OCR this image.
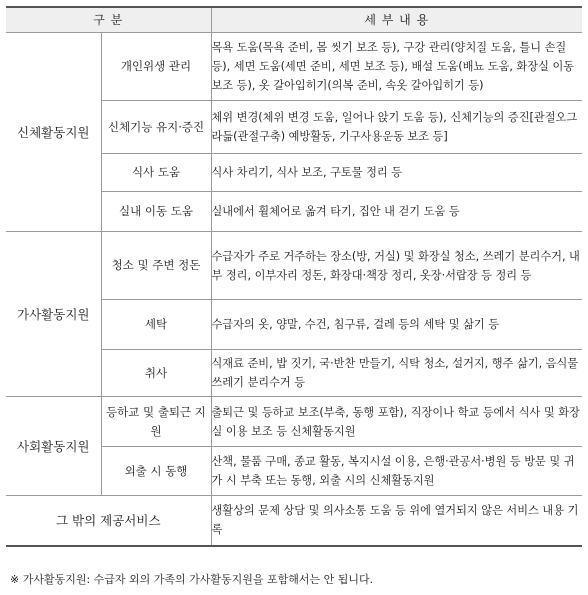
구 분		세 부 내 용
신체활동지원	개인위생 관리	목욕 도움(목욕 준비, 몸 씻기 보조 등), 구강 관리(양치질 도움, 틀니 손질 등), 세면 도움(세면 준비, 세면 보조 등), 배설 도움(배뇨 도움, 화장실 이동 보조 등), 옷 갈아입히기(의복 준비, 속옷 갈아입히기 등)
	신체기능 유지·증진	체위 변경(체위 변경 도움, 일어나 앉기 도움 등), 신체기능의 증진[관절오그라듦(관절구축) 예방활동, 기구사용운동 보조 등]
	식사 도움	식사 차리기, 식사 보조, 구토물 정리 등
	실내 이동 도움	실내에서 휠체어로 옮겨 타기, 집안 내 걷기 도움 등
가사활동지원	청소 및 주변 정돈	수급자가 주로 거주하는 장소(방, 거실) 및 화장실 청소, 쓰레기 분리수거, 내부 정리, 이부자리 정돈, 화장대·책장 정리, 옷장·서랍장 등 정리 등
	세탁	수급자의 옷, 양말, 수건, 침구류, 걸레 등의 세탁 및 삶기 등
	취사	식재료 준비, 밥 짓기, 국·반찬 만들기, 식탁 청소, 설거지, 행주 삶기, 음식물 쓰레기 분리수거 등
사회활동지원	등하교 및 출퇴근 지원	출퇴근 및 등하교 보조(부축, 동행 포함), 직장이나 학교 등에서 식사 및 화장실 이용 보조 등 신체활동지원
	외출 시 동행	산책, 물품 구매, 종교 활동, 복지시설 이용, 은행·관공서·병원 등 방문 및 귀가 시 부축 또는 동행, 외출 시의 신체활동지원
그 밖의 제공서비스		생활상의 문제 상담 및 의사소통 도움 등 위에 열거되지 않은 서비스 내용 기록
※ 가사활동지원: 수급자 외의 가족의 가사활동지원을 포함해서는 안 됩니다.
